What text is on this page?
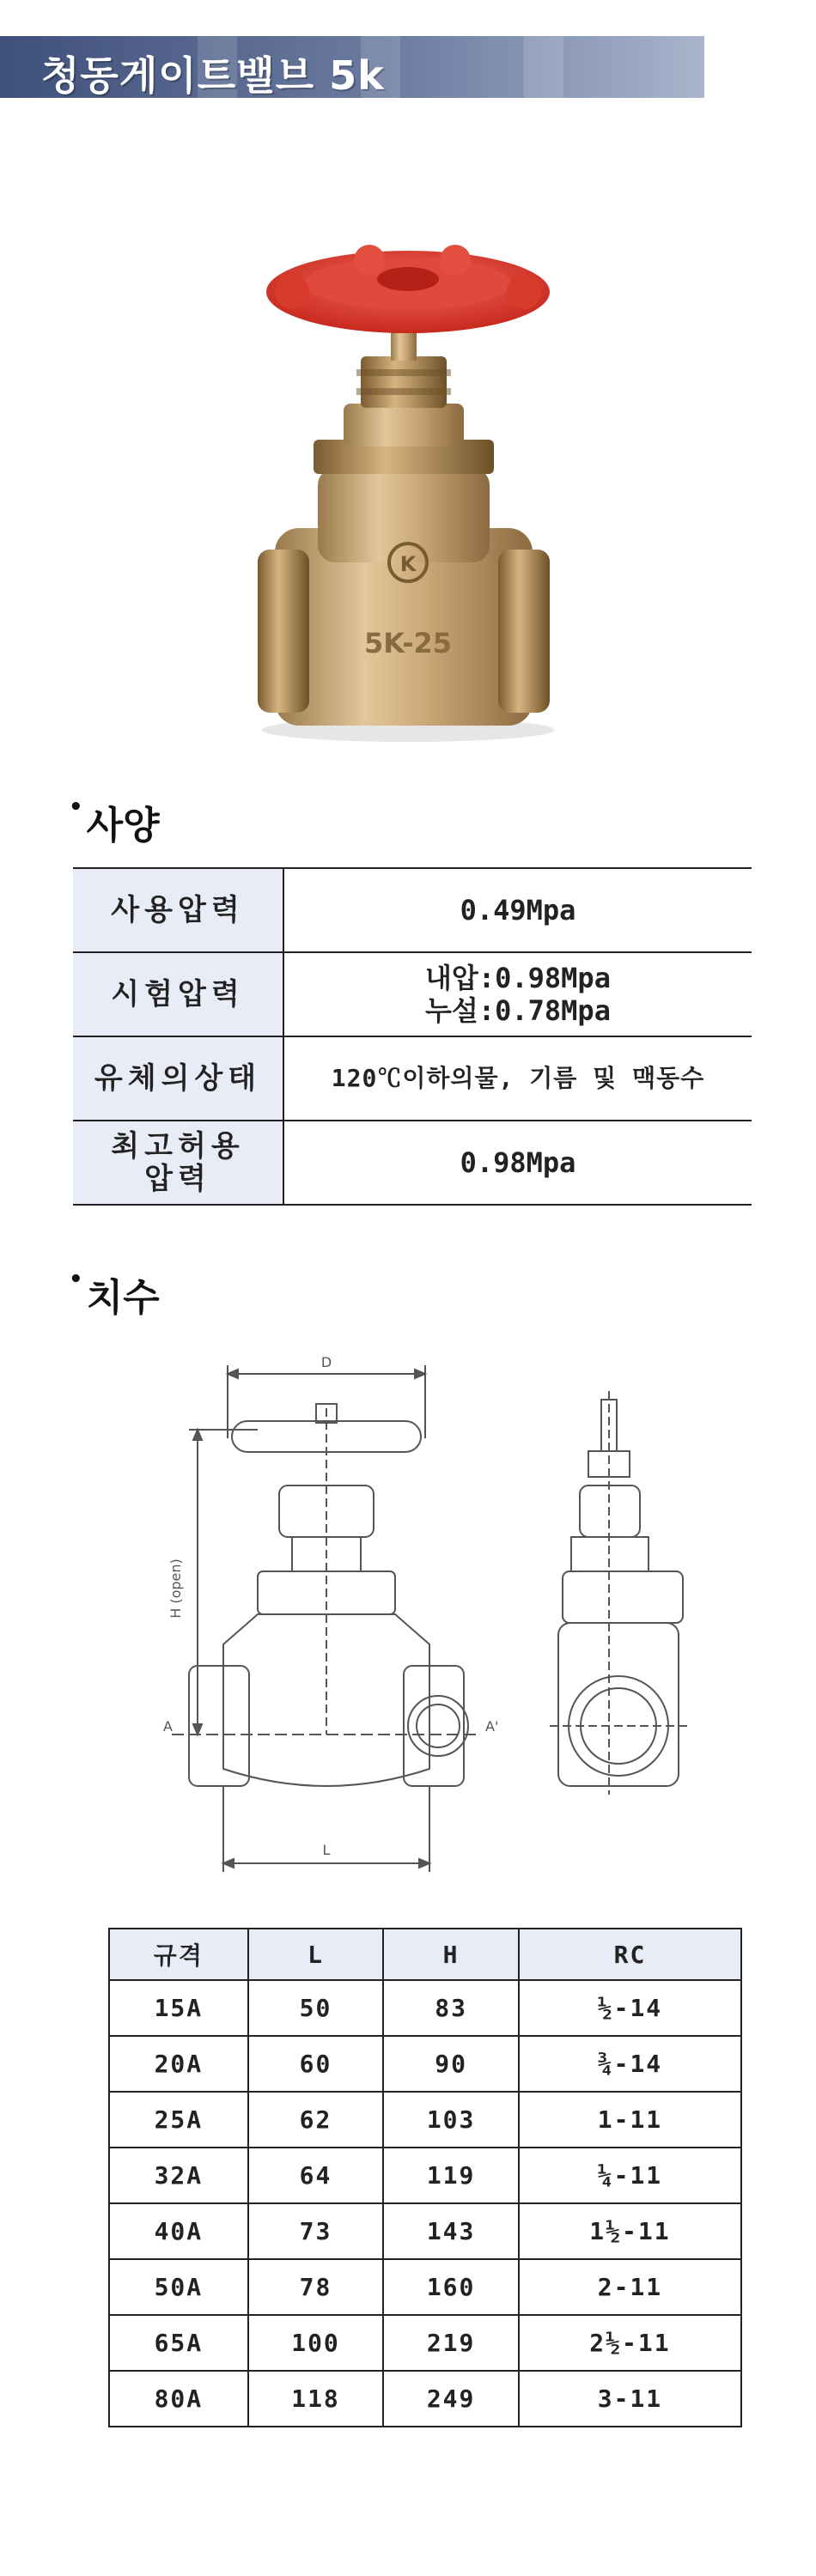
청동게이트밸브 5k
K
5K-25
•사양
사용압력	0.49Mpa
시험압력	내압:0.98Mpa
누설:0.78Mpa

유체의상태	120℃이하의물, 기름 및 맥동수

최고허용
압력	0.98Mpa
•치수
D
H (open)
L
A	A'
규격	L	H	RC
15A	50	83	½-14
20A	60	90	¾-14
25A	62	103	1-11
32A	64	119	¼-11
40A	73	143	1½-11
50A	78	160	2-11
65A	100	219	2½-11
80A	118	249	3-11
